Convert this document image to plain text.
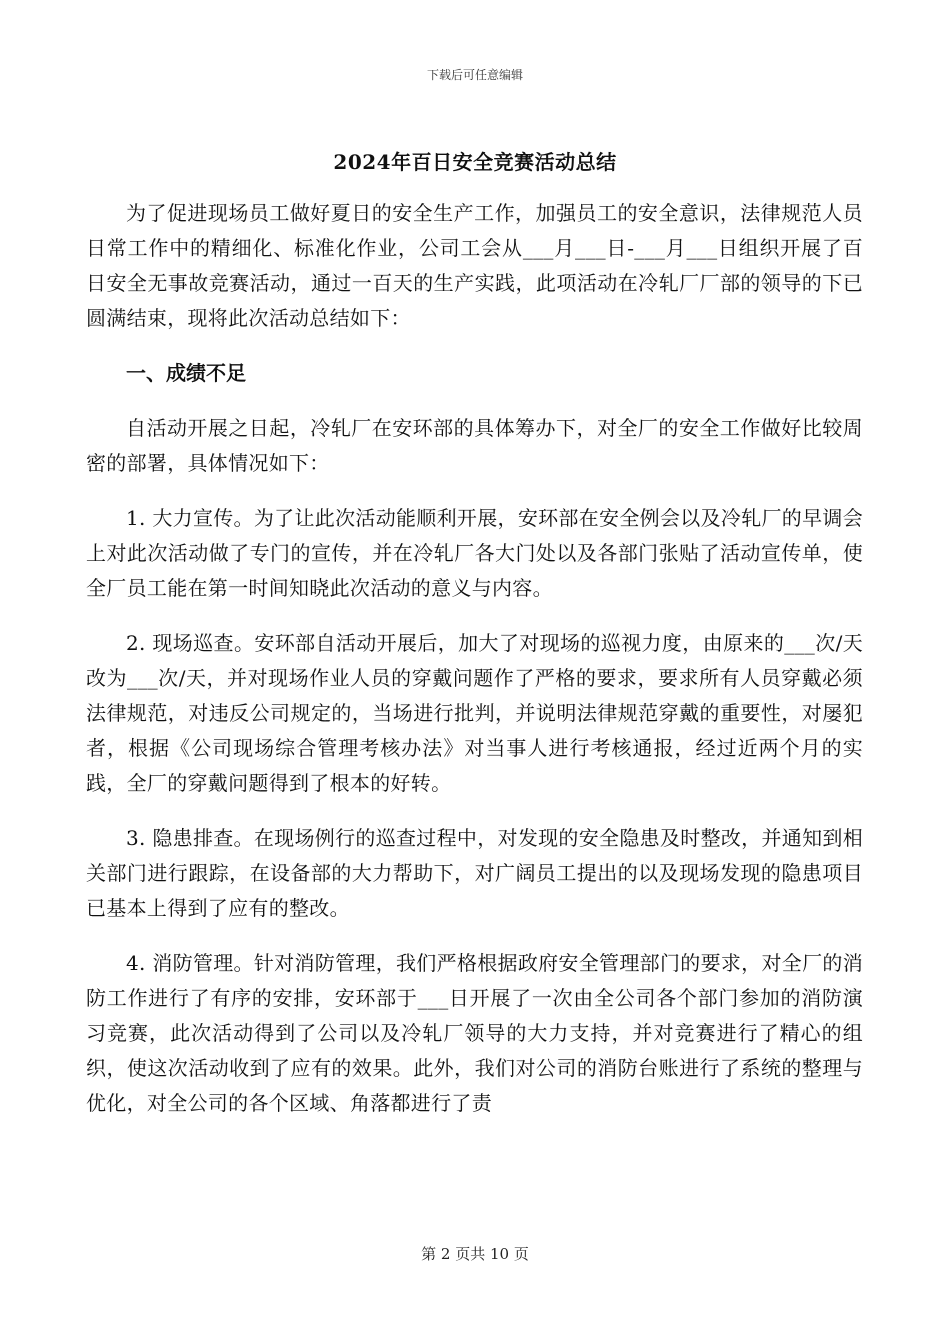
下载后可任意编辑
2024年百日安全竞赛活动总结

为了促进现场员工做好夏日的安全生产工作，加强员工的安全意识，法律规范人员日常工作中的精细化、标准化作业，公司工会从___月___日-___月___日组织开展了百日安全无事故竞赛活动，通过一百天的生产实践，此项活动在冷轧厂厂部的领导的下已圆满结束，现将此次活动总结如下：

一、成绩不足

自活动开展之日起，冷轧厂在安环部的具体筹办下，对全厂的安全工作做好比较周密的部署，具体情况如下：

1. 大力宣传。为了让此次活动能顺利开展，安环部在安全例会以及冷轧厂的早调会上对此次活动做了专门的宣传，并在冷轧厂各大门处以及各部门张贴了活动宣传单，使全厂员工能在第一时间知晓此次活动的意义与内容。

2. 现场巡查。安环部自活动开展后，加大了对现场的巡视力度，由原来的___次/天改为___次/天，并对现场作业人员的穿戴问题作了严格的要求，要求所有人员穿戴必须法律规范，对违反公司规定的，当场进行批判，并说明法律规范穿戴的重要性，对屡犯者，根据《公司现场综合管理考核办法》对当事人进行考核通报，经过近两个月的实践，全厂的穿戴问题得到了根本的好转。

3. 隐患排查。在现场例行的巡查过程中，对发现的安全隐患及时整改，并通知到相关部门进行跟踪，在设备部的大力帮助下，对广阔员工提出的以及现场发现的隐患项目已基本上得到了应有的整改。

4. 消防管理。针对消防管理，我们严格根据政府安全管理部门的要求，对全厂的消防工作进行了有序的安排，安环部于___日开展了一次由全公司各个部门参加的消防演习竞赛，此次活动得到了公司以及冷轧厂领导的大力支持，并对竞赛进行了精心的组织，使这次活动收到了应有的效果。此外，我们对公司的消防台账进行了系统的整理与优化，对全公司的各个区域、角落都进行了责

第 2 页共 10 页
